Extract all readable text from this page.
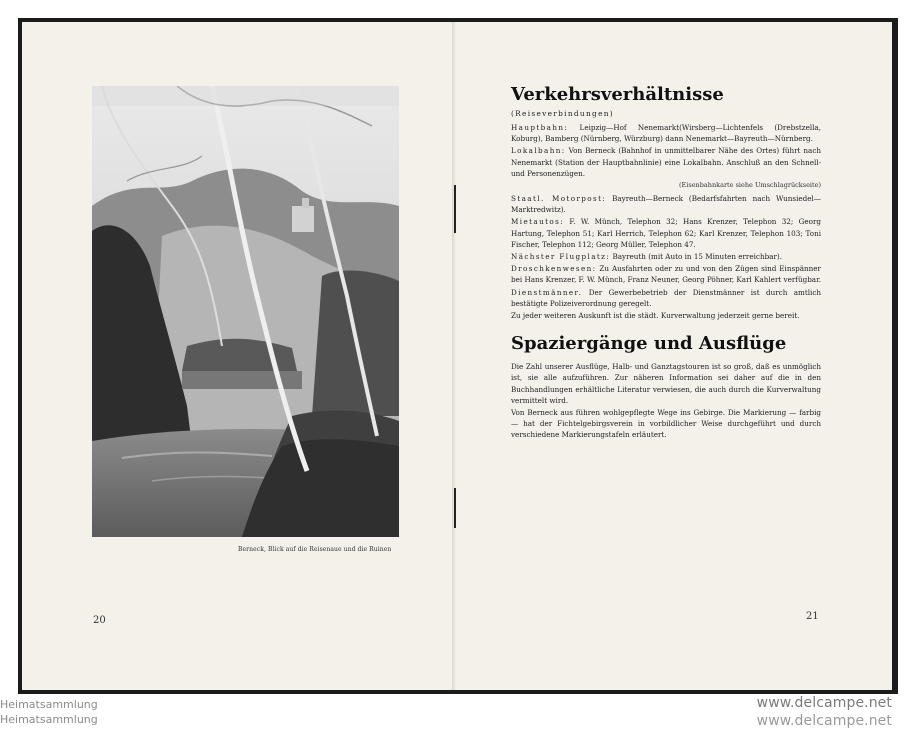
Berneck, Blick auf die Reisenaue und die Ruinen
20
Verkehrsverhältnisse
(Reiseverbindungen)

Hauptbahn: Leipzig—Hof Nenemarkt(Wirsberg—Lichtenfels (Drebstzella, Koburg), Bamberg (Nürnberg, Würzburg) dann Nenemarkt—Bayreuth—Nürnberg.

Lokalbahn: Von Berneck (Bahnhof in unmittelbarer Nähe des Ortes) führt nach Nenemarkt (Station der Hauptbahnlinie) eine Lokalbahn. Anschluß an den Schnell- und Personenzügen.

(Eisenbahnkarte siehe Umschlagrückseite)

Staatl. Motorpost: Bayreuth—Berneck (Bedarfsfahrten nach Wunsiedel—Marktredwitz).

Mietautos: F. W. Münch, Telephon 32; Hans Krenzer, Telephon 32; Georg Hartung, Telephon 51; Karl Herrich, Telephon 62; Karl Krenzer, Telephon 103; Toni Fischer, Telephon 112; Georg Müller, Telephon 47.

Nächster Flugplatz: Bayreuth (mit Auto in 15 Minuten erreichbar).

Droschkenwesen: Zu Ausfahrten oder zu und von den Zügen sind Einspänner bei Hans Krenzer, F. W. Münch, Franz Neuner, Georg Pöhner, Karl Kahlert verfügbar.

Dienstmänner. Der Gewerbebetrieb der Dienstmänner ist durch amtlich bestätigte Polizeiverordnung geregelt.

Zu jeder weiteren Auskunft ist die städt. Kurverwaltung jederzeit gerne bereit.

Spaziergänge und Ausflüge

Die Zahl unserer Ausflüge, Halb- und Ganztagstouren ist so groß, daß es unmöglich ist, sie alle aufzuführen. Zur näheren Information sei daher auf die in den Buchhandlungen erhältliche Literatur verwiesen, die auch durch die Kurverwaltung vermittelt wird.

Von Berneck aus führen wohlgepflegte Wege ins Gebirge. Die Markierung — farbig — hat der Fichtelgebirgsverein in vorbildlicher Weise durchgeführt und durch verschiedene Markierungstafeln erläutert.

21
Heimatsammlung
Heimatsammlung
www.delcampe.net
www.delcampe.net
